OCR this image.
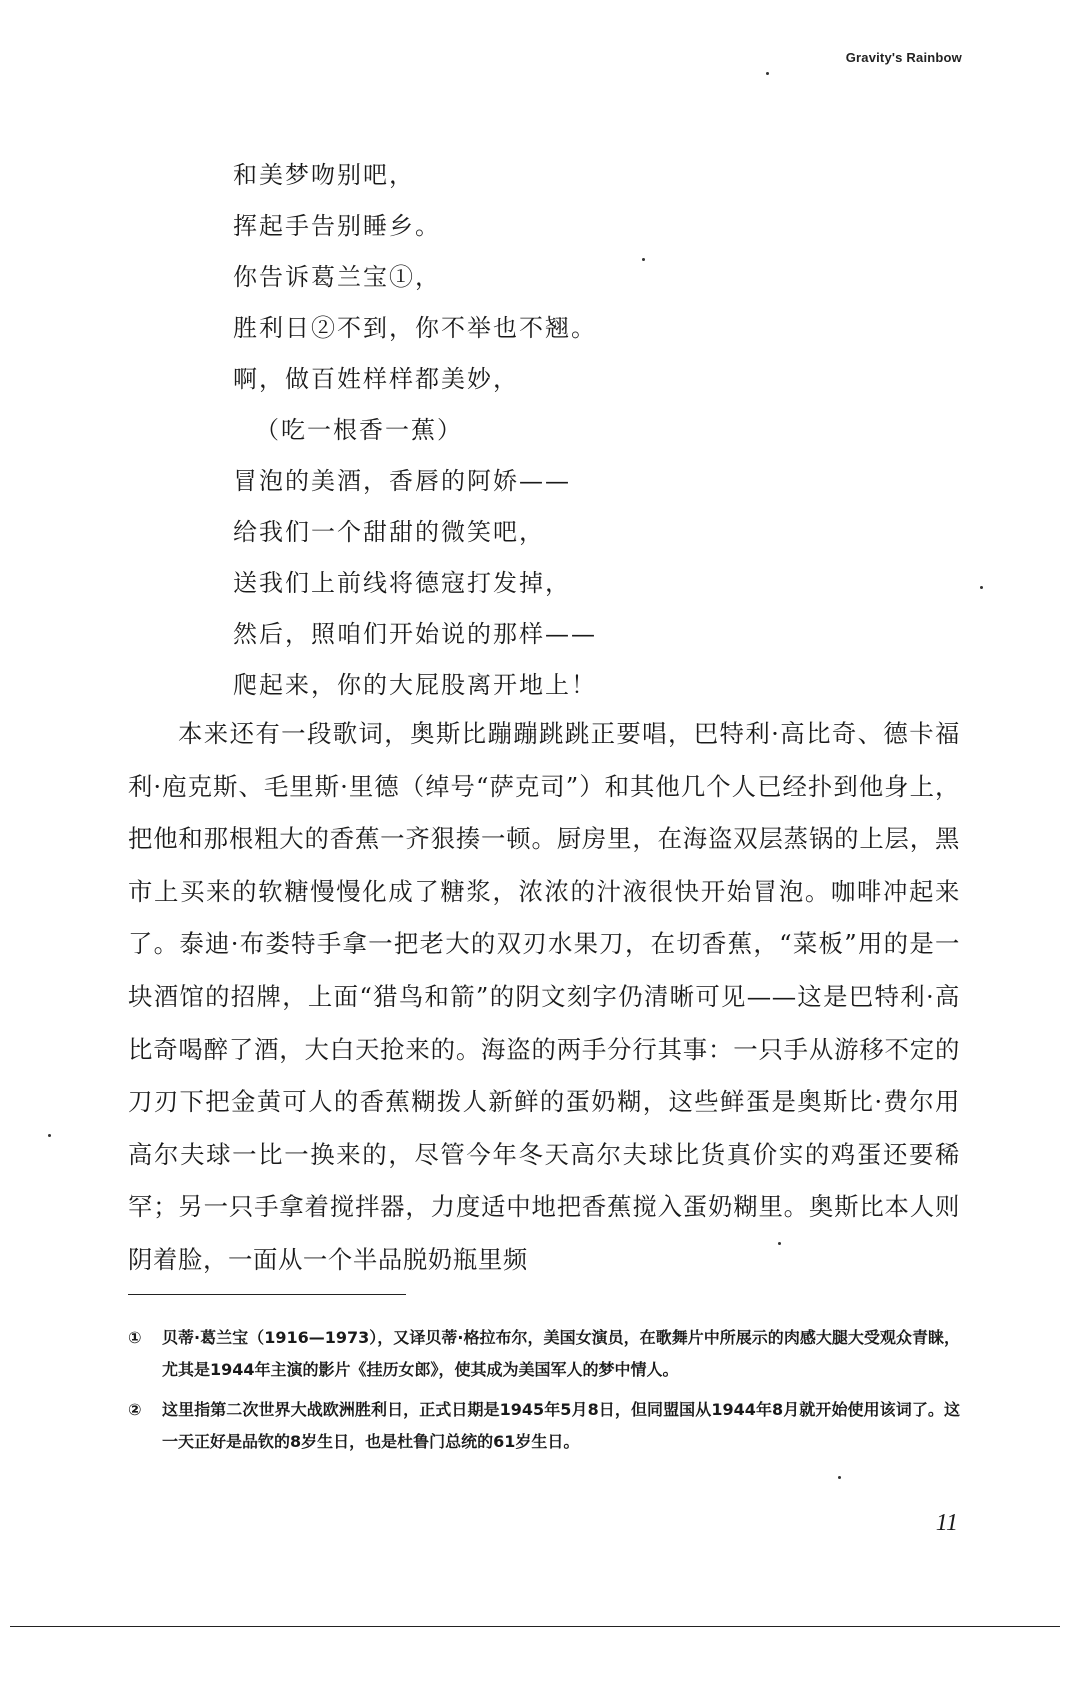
Gravity's Rainbow
和美梦吻别吧，
挥起手告别睡乡。
你告诉葛兰宝①，
胜利日②不到，你不举也不翘。
啊，做百姓样样都美妙，
（吃一根香一蕉）
冒泡的美酒，香唇的阿娇——
给我们一个甜甜的微笑吧，
送我们上前线将德寇打发掉，
然后，照咱们开始说的那样——
爬起来，你的大屁股离开地上！

本来还有一段歌词，奥斯比蹦蹦跳跳正要唱，巴特利·高比奇、德卡福利·庖克斯、毛里斯·里德（绰号“萨克司”）和其他几个人已经扑到他身上，把他和那根粗大的香蕉一齐狠揍一顿。厨房里，在海盗双层蒸锅的上层，黑市上买来的软糖慢慢化成了糖浆，浓浓的汁液很快开始冒泡。咖啡冲起来了。泰迪·布娄特手拿一把老大的双刃水果刀，在切香蕉，“菜板”用的是一块酒馆的招牌，上面“猎鸟和箭”的阴文刻字仍清晰可见——这是巴特利·高比奇喝醉了酒，大白天抢来的。海盗的两手分行其事：一只手从游移不定的刀刃下把金黄可人的香蕉糊拨人新鲜的蛋奶糊，这些鲜蛋是奥斯比·费尔用高尔夫球一比一换来的，尽管今年冬天高尔夫球比货真价实的鸡蛋还要稀罕；另一只手拿着搅拌器，力度适中地把香蕉搅入蛋奶糊里。奥斯比本人则阴着脸，一面从一个半品脱奶瓶里频

① 贝蒂·葛兰宝（1916—1973），又译贝蒂·格拉布尔，美国女演员，在歌舞片中所展示的肉感大腿大受观众青睐，尤其是1944年主演的影片《挂历女郎》，使其成为美国军人的梦中情人。
② 这里指第二次世界大战欧洲胜利日，正式日期是1945年5月8日，但同盟国从1944年8月就开始使用该词了。这一天正好是品钦的8岁生日，也是杜鲁门总统的61岁生日。
11
